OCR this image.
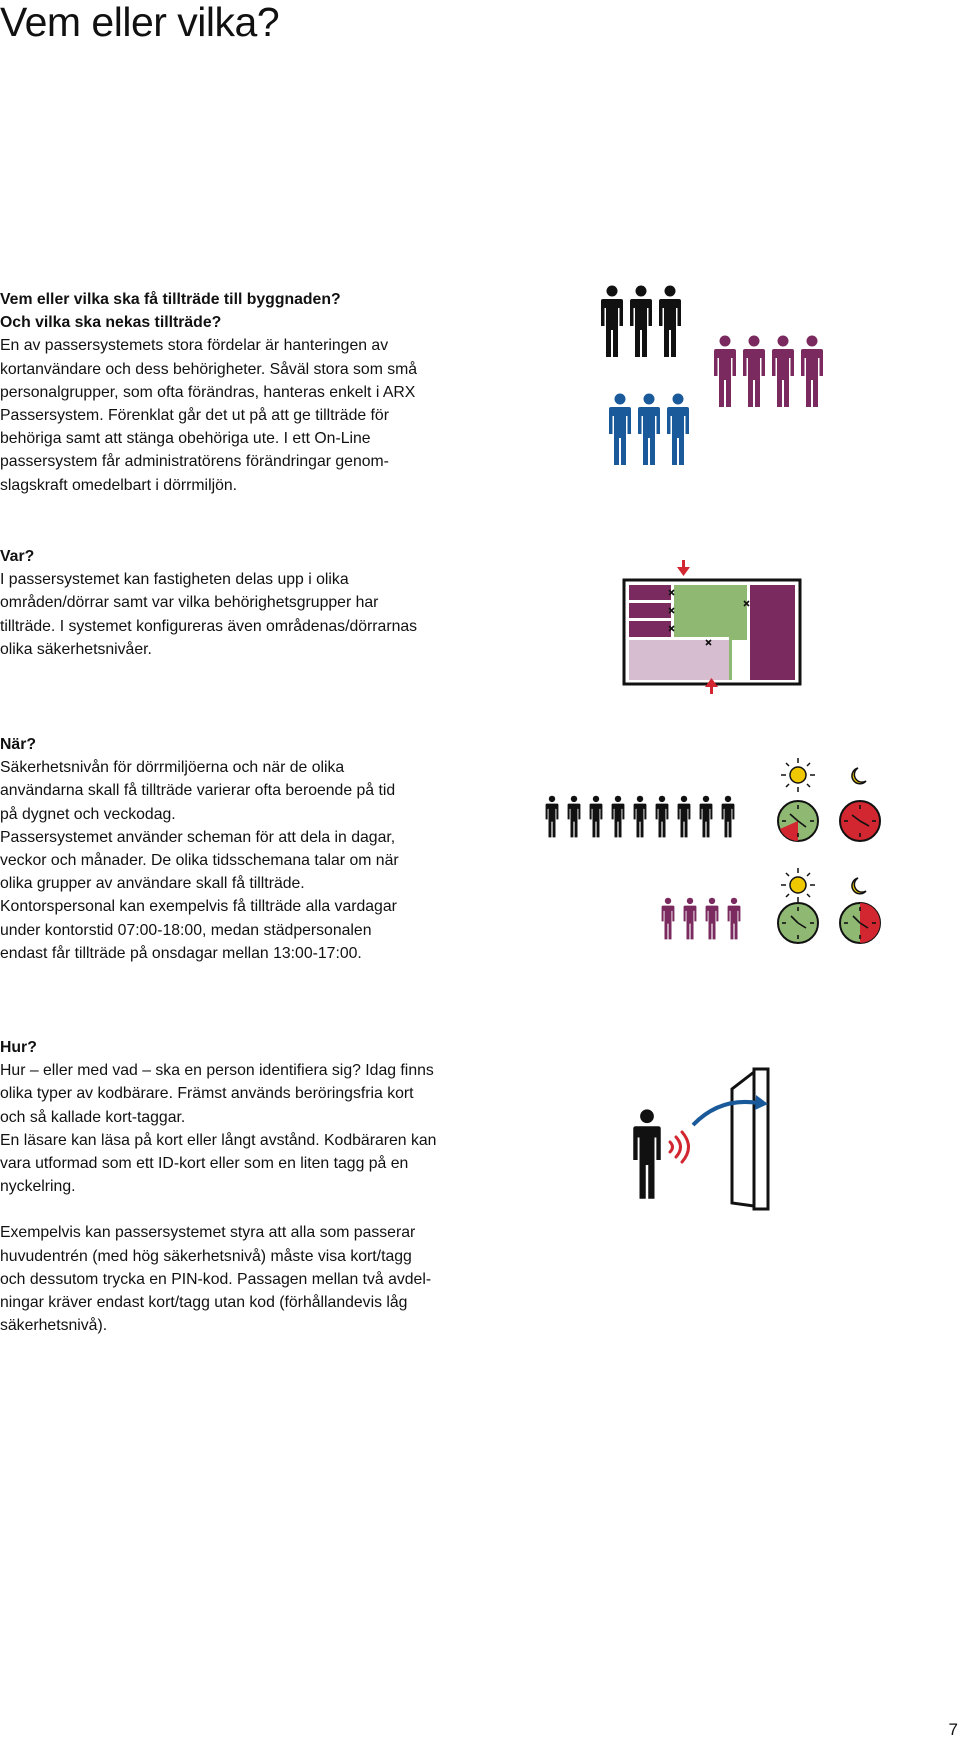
Vem eller vilka?

Vem eller vilka ska få tillträde till byggnaden?

Och vilka ska nekas tillträde?

En av passersystemets stora fördelar är hanteringen av

kortanvändare och dess behörigheter. Såväl stora som små

personalgrupper, som ofta förändras, hanteras enkelt i ARX

Passersystem. Förenklat går det ut på att ge tillträde för

behöriga samt att stänga obehöriga ute. I ett On-Line

passersystem får administratörens förändringar genom-

slagskraft omedelbart i dörrmiljön.

Var?

I passersystemet kan fastigheten delas upp i olika

områden/dörrar samt var vilka behörighetsgrupper har

tillträde. I systemet konfigureras även områdenas/dörrarnas

olika säkerhetsnivåer.

När?

Säkerhetsnivån för dörrmiljöerna och när de olika

användarna skall få tillträde varierar ofta beroende på tid

på dygnet och veckodag.

Passersystemet använder scheman för att dela in dagar,

veckor och månader. De olika tidsschemana talar om när

olika grupper av användare skall få tillträde.

Kontorspersonal kan exempelvis få tillträde alla vardagar

under kontorstid 07:00-18:00, medan städpersonalen

endast får tillträde på onsdagar mellan 13:00-17:00.

Hur?

Hur – eller med vad – ska en person identifiera sig? Idag finns

olika typer av kodbärare. Främst används beröringsfria kort

och så kallade kort-taggar.

En läsare kan läsa på kort eller långt avstånd. Kodbäraren kan

vara utformad som ett ID-kort eller som en liten tagg på en

nyckelring.

Exempelvis kan passersystemet styra att alla som passerar

huvudentrén (med hög säkerhetsnivå) måste visa kort/tagg

och dessutom trycka en PIN-kod. Passagen mellan två avdel-

ningar kräver endast kort/tagg utan kod (förhållandevis låg

säkerhetsnivå).

7
